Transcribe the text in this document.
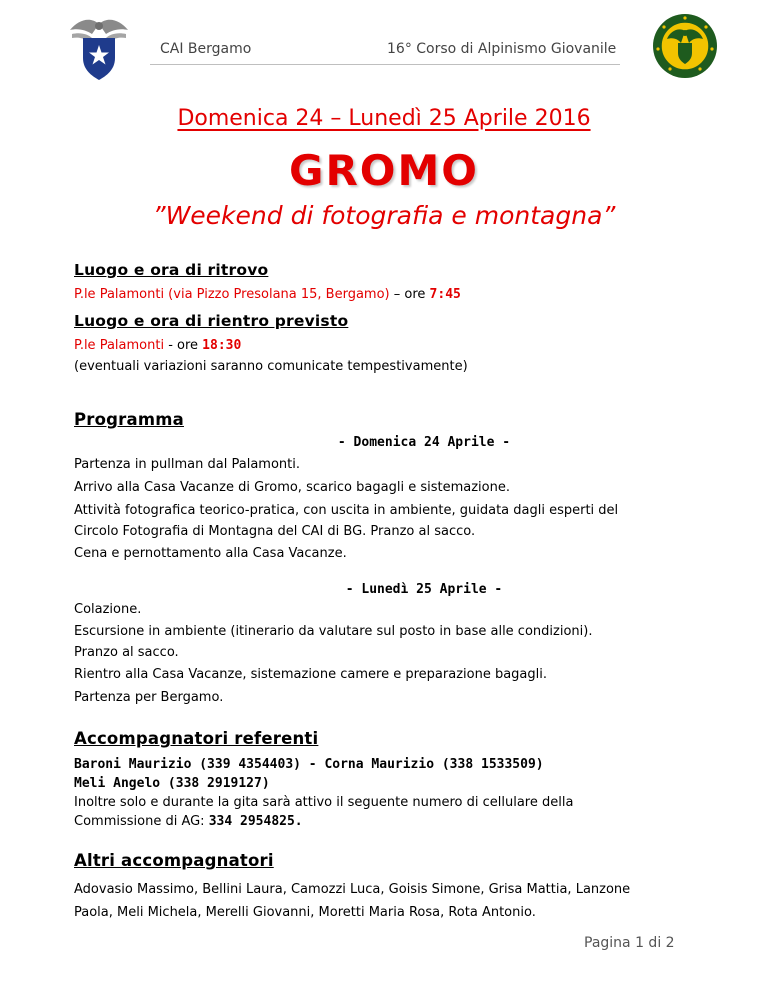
CAI Bergamo	16° Corso di Alpinismo Giovanile
Domenica 24 – Lunedì 25 Aprile 2016
GROMO
”Weekend di fotografia e montagna”
Luogo e ora di ritrovo
P.le Palamonti (via Pizzo Presolana 15, Bergamo) – ore 7:45
Luogo e ora di rientro previsto
P.le Palamonti - ore 18:30
(eventuali variazioni saranno comunicate tempestivamente)
Programma
- Domenica 24 Aprile -
Partenza in pullman dal Palamonti.
Arrivo alla Casa Vacanze di Gromo, scarico bagagli e sistemazione.
Attività fotografica teorico-pratica, con uscita in ambiente, guidata dagli esperti del
Circolo Fotografia di Montagna del CAI di BG. Pranzo al sacco.
Cena e pernottamento alla Casa Vacanze.
- Lunedì 25 Aprile -
Colazione.
Escursione in ambiente (itinerario da valutare sul posto in base alle condizioni).
Pranzo al sacco.
Rientro alla Casa Vacanze, sistemazione camere e preparazione bagagli.
Partenza per Bergamo.
Accompagnatori referenti
Baroni Maurizio (339 4354403) - Corna Maurizio (338 1533509)
Meli Angelo (338 2919127)
Inoltre solo e durante la gita sarà attivo il seguente numero di cellulare della
Commissione di AG: 334 2954825.
Altri accompagnatori
Adovasio Massimo, Bellini Laura, Camozzi Luca, Goisis Simone, Grisa Mattia, Lanzone
Paola, Meli Michela, Merelli Giovanni, Moretti Maria Rosa, Rota Antonio.
Pagina 1 di 2
